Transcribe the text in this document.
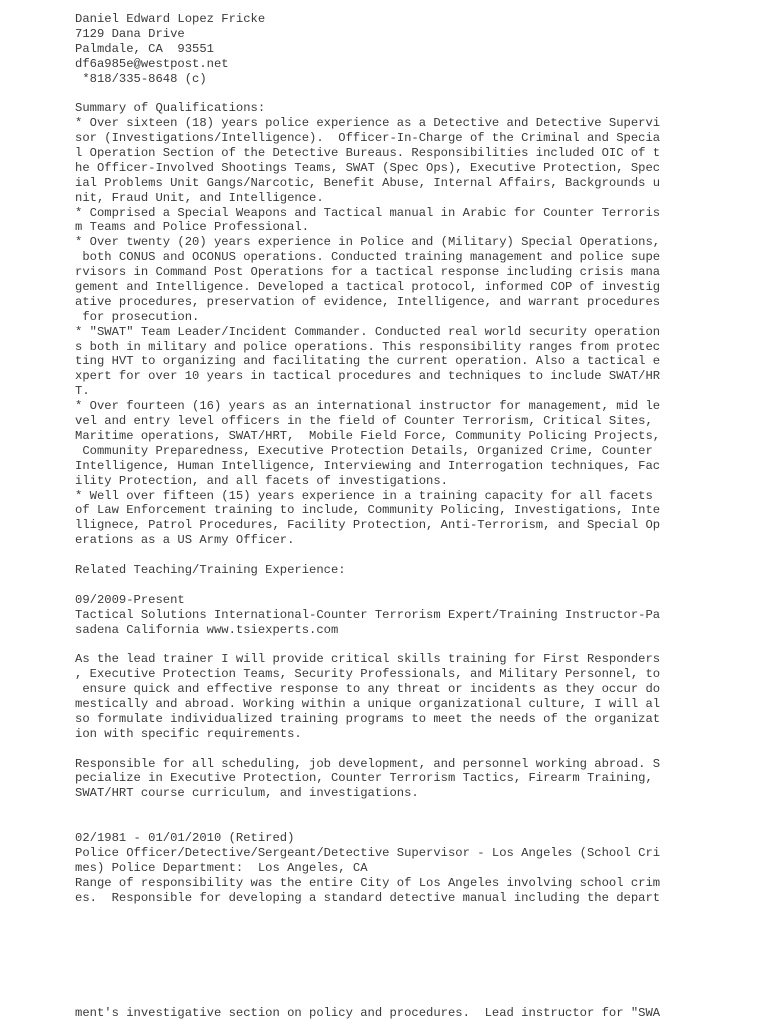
Daniel Edward Lopez Fricke
7129 Dana Drive
Palmdale, CA  93551
df6a985e@westpost.net
*818/335-8648 (c)
Summary of Qualifications:
* Over sixteen (18) years police experience as a Detective and Detective Supervi
sor (Investigations/Intelligence).  Officer-In-Charge of the Criminal and Specia
l Operation Section of the Detective Bureaus. Responsibilities included OIC of t
he Officer-Involved Shootings Teams, SWAT (Spec Ops), Executive Protection, Spec
ial Problems Unit Gangs/Narcotic, Benefit Abuse, Internal Affairs, Backgrounds u
nit, Fraud Unit, and Intelligence.
* Comprised a Special Weapons and Tactical manual in Arabic for Counter Terroris
m Teams and Police Professional.
* Over twenty (20) years experience in Police and (Military) Special Operations,
both CONUS and OCONUS operations. Conducted training management and police supe
rvisors in Command Post Operations for a tactical response including crisis mana
gement and Intelligence. Developed a tactical protocol, informed COP of investig
ative procedures, preservation of evidence, Intelligence, and warrant procedures
for prosecution.
* "SWAT" Team Leader/Incident Commander. Conducted real world security operation
s both in military and police operations. This responsibility ranges from protec
ting HVT to organizing and facilitating the current operation. Also a tactical e
xpert for over 10 years in tactical procedures and techniques to include SWAT/HR
T.
* Over fourteen (16) years as an international instructor for management, mid le
vel and entry level officers in the field of Counter Terrorism, Critical Sites,
Maritime operations, SWAT/HRT,  Mobile Field Force, Community Policing Projects,
Community Preparedness, Executive Protection Details, Organized Crime, Counter
Intelligence, Human Intelligence, Interviewing and Interrogation techniques, Fac
ility Protection, and all facets of investigations.
* Well over fifteen (15) years experience in a training capacity for all facets
of Law Enforcement training to include, Community Policing, Investigations, Inte
llignece, Patrol Procedures, Facility Protection, Anti-Terrorism, and Special Op
erations as a US Army Officer.
Related Teaching/Training Experience:
09/2009-Present
Tactical Solutions International-Counter Terrorism Expert/Training Instructor-Pa
sadena California www.tsiexperts.com
As the lead trainer I will provide critical skills training for First Responders
, Executive Protection Teams, Security Professionals, and Military Personnel, to
ensure quick and effective response to any threat or incidents as they occur do
mestically and abroad. Working within a unique organizational culture, I will al
so formulate individualized training programs to meet the needs of the organizat
ion with specific requirements.
Responsible for all scheduling, job development, and personnel working abroad. S
pecialize in Executive Protection, Counter Terrorism Tactics, Firearm Training,
SWAT/HRT course curriculum, and investigations.
02/1981 - 01/01/2010 (Retired)
Police Officer/Detective/Sergeant/Detective Supervisor - Los Angeles (School Cri
mes) Police Department:  Los Angeles, CA
Range of responsibility was the entire City of Los Angeles involving school crim
es.  Responsible for developing a standard detective manual including the depart
ment's investigative section on policy and procedures.  Lead instructor for "SWA
